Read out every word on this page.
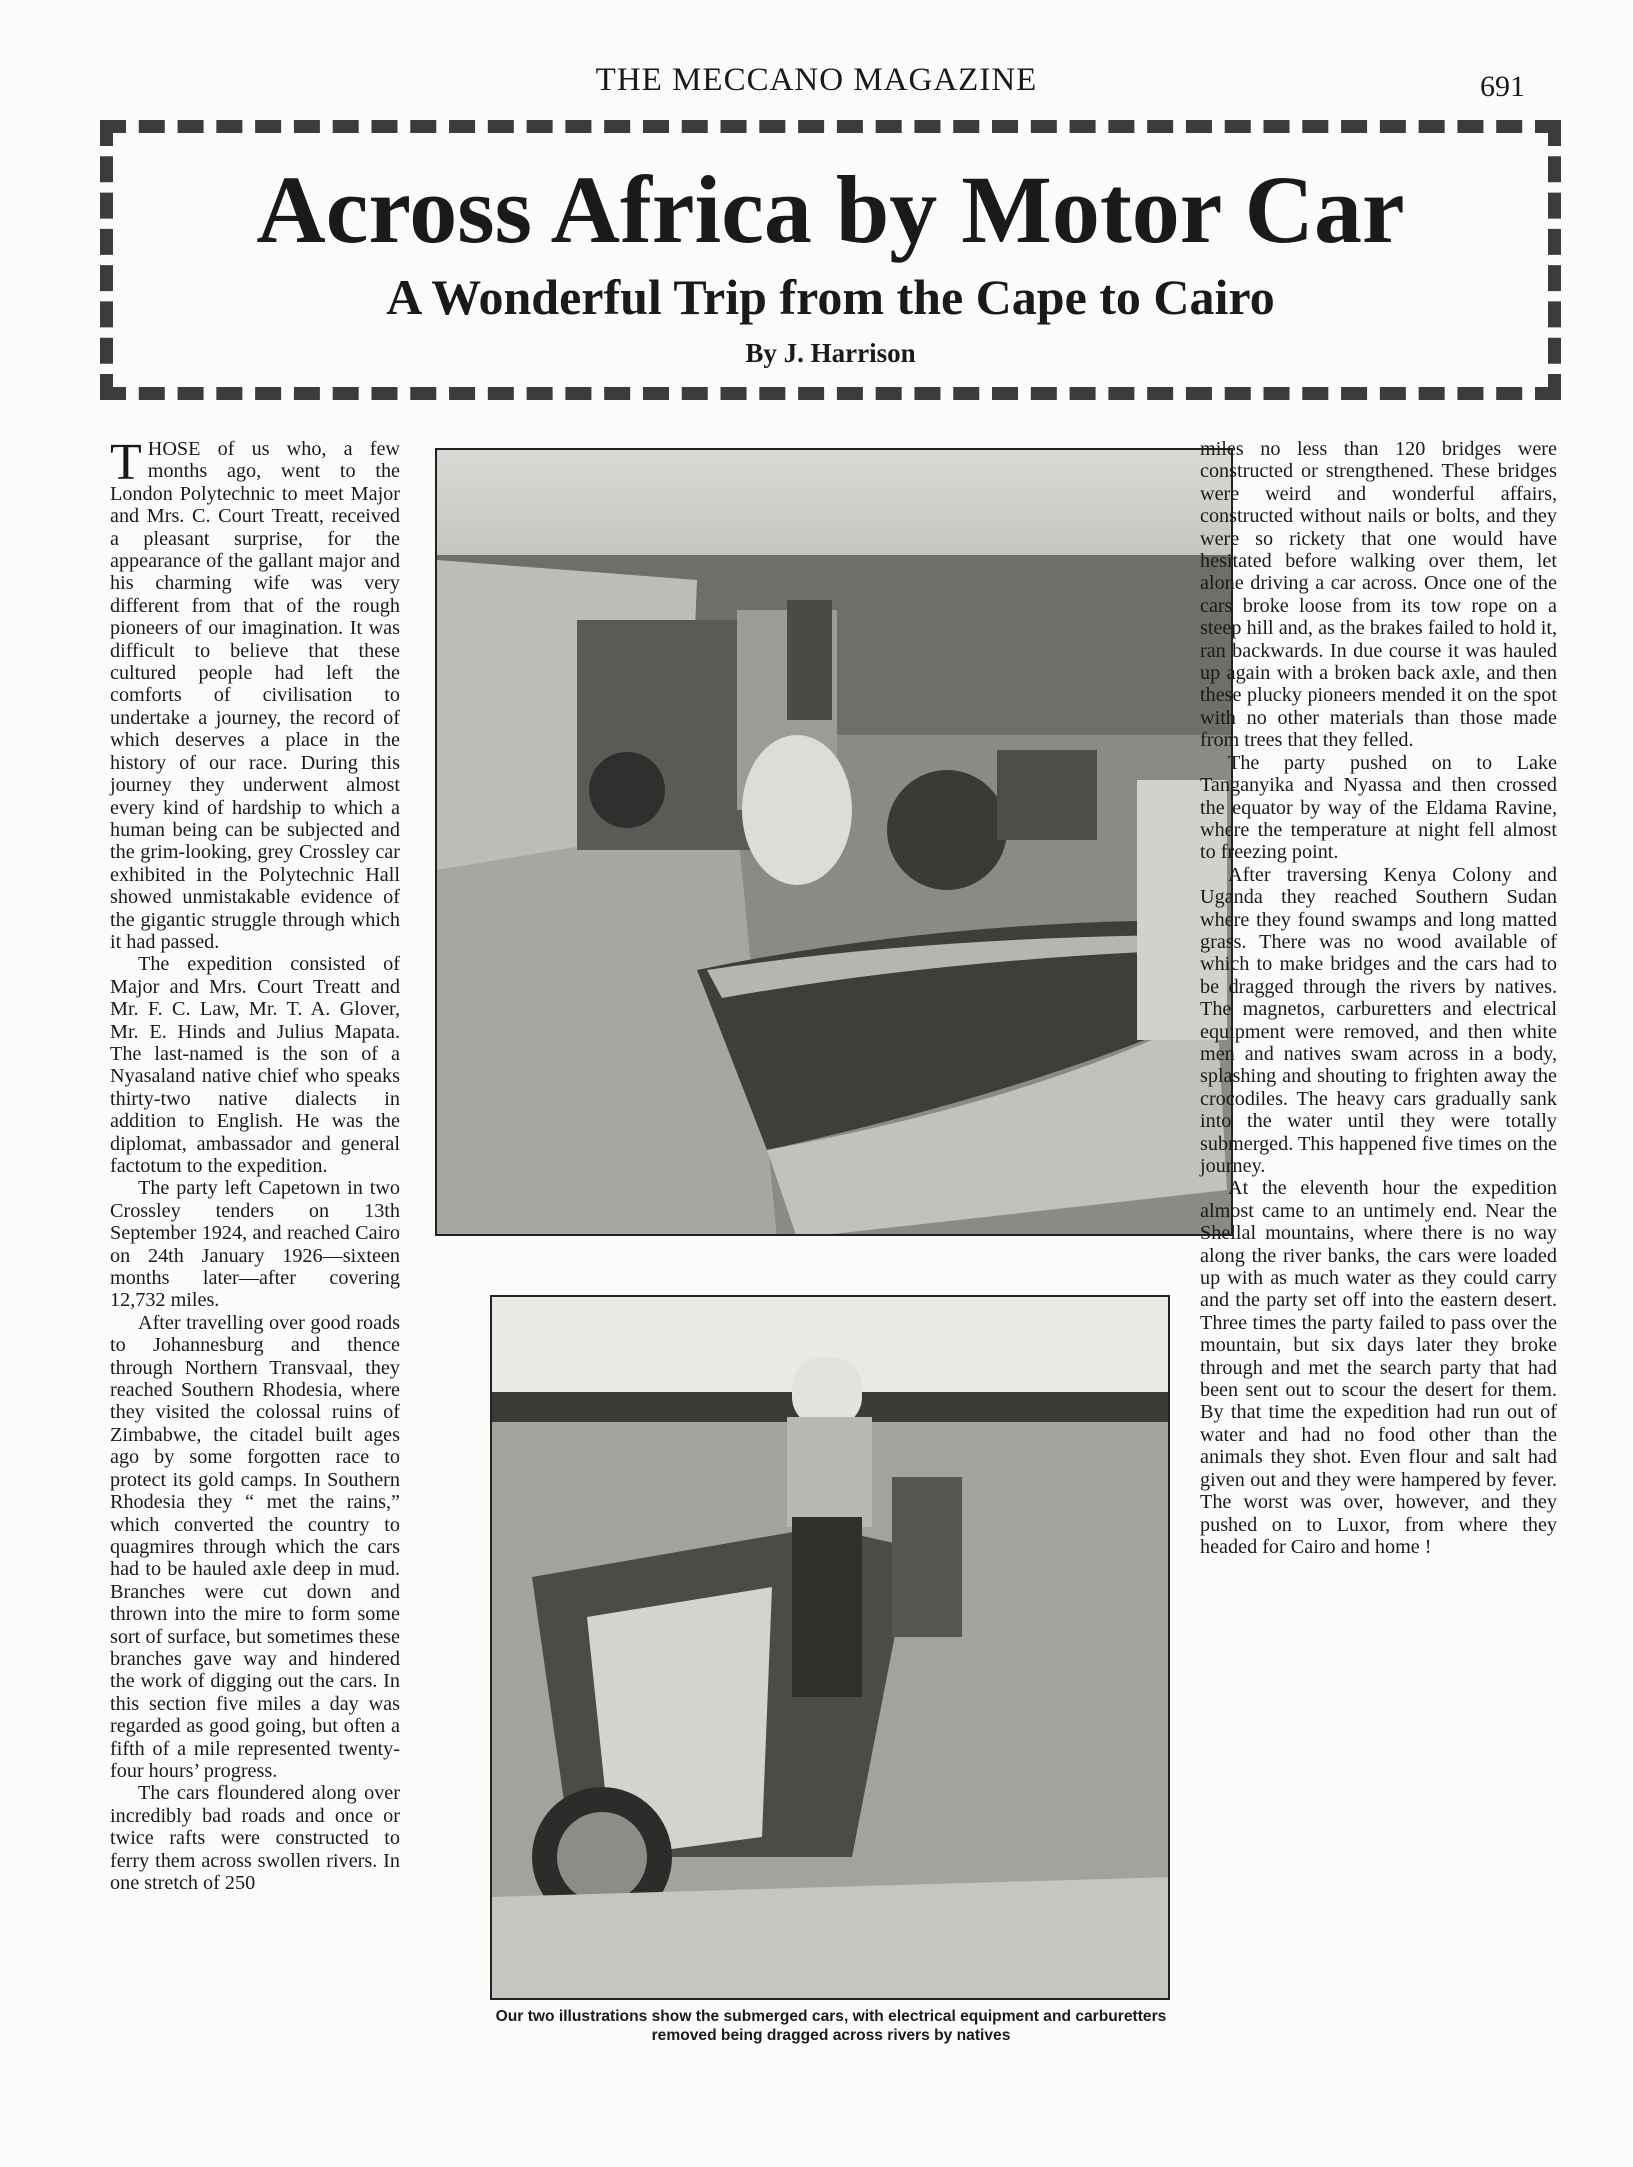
THE MECCANO MAGAZINE	691
Across Africa by Motor Car
A Wonderful Trip from the Cape to Cairo
By J. Harrison

THOSE of us who, a few months ago, went to the London Polytechnic to meet Major and Mrs. C. Court Treatt, received a pleasant surprise, for the appearance of the gallant major and his charming wife was very different from that of the rough pioneers of our imagination. It was difficult to believe that these cultured people had left the comforts of civilisation to undertake a journey, the record of which deserves a place in the history of our race. During this journey they underwent almost every kind of hardship to which a human being can be subjected and the grim-looking, grey Crossley car exhibited in the Polytechnic Hall showed unmistakable evidence of the gigantic struggle through which it had passed.

The expedition consisted of Major and Mrs. Court Treatt and Mr. F. C. Law, Mr. T. A. Glover, Mr. E. Hinds and Julius Mapata. The last-named is the son of a Nyasaland native chief who speaks thirty-two native dialects in addition to English. He was the diplomat, ambassador and general factotum to the expedition.

The party left Capetown in two Crossley tenders on 13th September 1924, and reached Cairo on 24th January 1926—sixteen months later—after covering 12,732 miles.

After travelling over good roads to Johannesburg and thence through Northern Transvaal, they reached Southern Rhodesia, where they visited the colossal ruins of Zimbabwe, the citadel built ages ago by some forgotten race to protect its gold camps. In Southern Rhodesia they “ met the rains,” which converted the country to quagmires through which the cars had to be hauled axle deep in mud. Branches were cut down and thrown into the mire to form some sort of surface, but sometimes these branches gave way and hindered the work of digging out the cars. In this section five miles a day was regarded as good going, but often a fifth of a mile represented twenty-four hours’ progress.

The cars floundered along over incredibly bad roads and once or twice rafts were constructed to ferry them across swollen rivers. In one stretch of 250

Our two illustrations show the submerged cars, with electrical equipment and carburetters removed being dragged across rivers by natives

miles no less than 120 bridges were constructed or strengthened. These bridges were weird and wonderful affairs, constructed without nails or bolts, and they were so rickety that one would have hesitated before walking over them, let alone driving a car across. Once one of the cars broke loose from its tow rope on a steep hill and, as the brakes failed to hold it, ran backwards. In due course it was hauled up again with a broken back axle, and then these plucky pioneers mended it on the spot with no other materials than those made from trees that they felled.

The party pushed on to Lake Tanganyika and Nyassa and then crossed the equator by way of the Eldama Ravine, where the temperature at night fell almost to freezing point.

After traversing Kenya Colony and Uganda they reached Southern Sudan where they found swamps and long matted grass. There was no wood available of which to make bridges and the cars had to be dragged through the rivers by natives. The magnetos, carburetters and electrical equipment were removed, and then white men and natives swam across in a body, splashing and shouting to frighten away the crocodiles. The heavy cars gradually sank into the water until they were totally submerged. This happened five times on the journey.

At the eleventh hour the expedition almost came to an untimely end. Near the Shellal mountains, where there is no way along the river banks, the cars were loaded up with as much water as they could carry and the party set off into the eastern desert. Three times the party failed to pass over the mountain, but six days later they broke through and met the search party that had been sent out to scour the desert for them. By that time the expedition had run out of water and had no food other than the animals they shot. Even flour and salt had given out and they were hampered by fever. The worst was over, however, and they pushed on to Luxor, from where they headed for Cairo and home !
